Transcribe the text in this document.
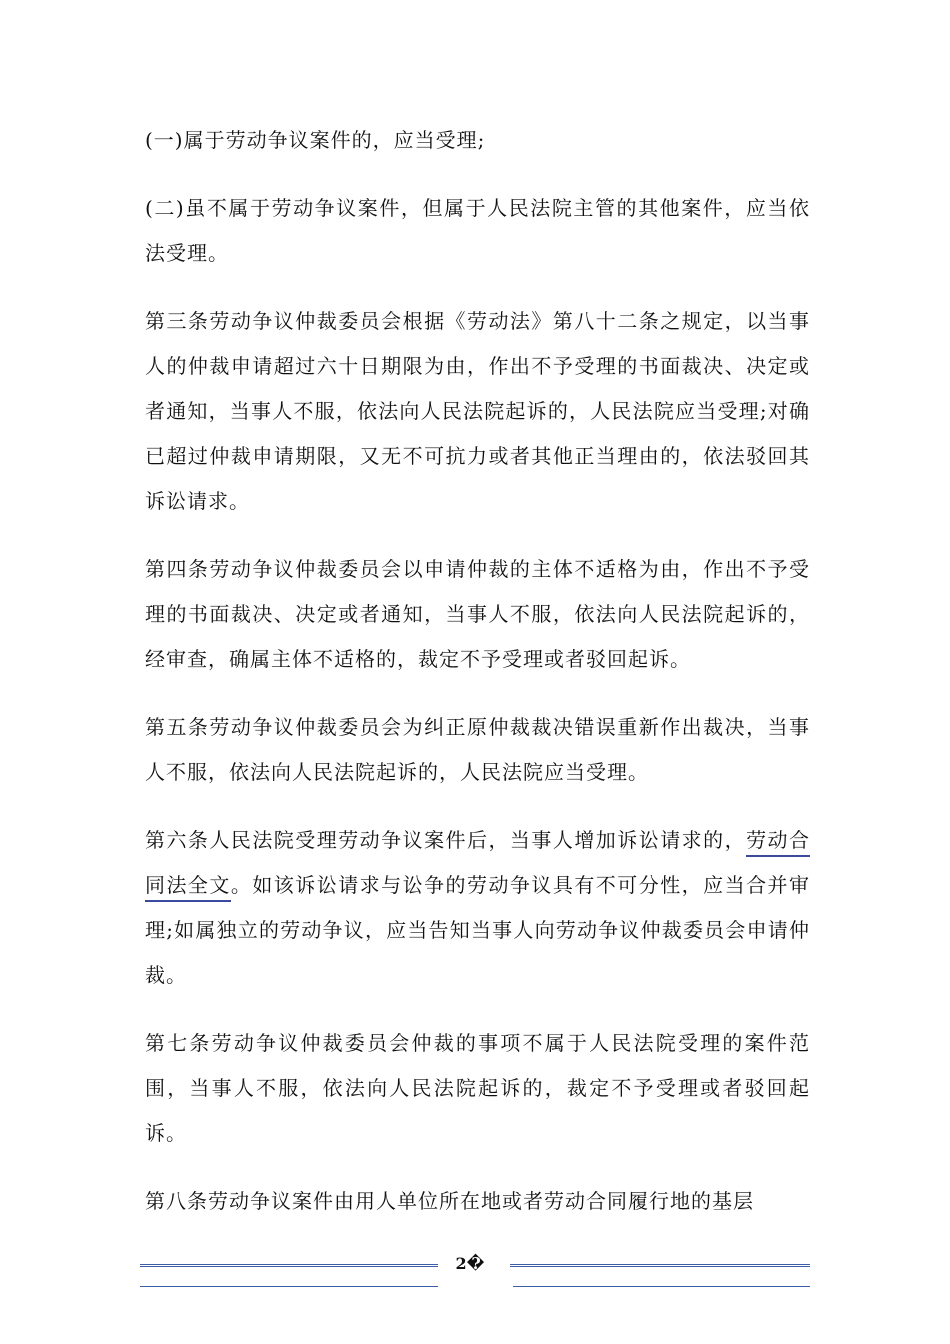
(一)属于劳动争议案件的，应当受理;

(二)虽不属于劳动争议案件，但属于人民法院主管的其他案件，应当依法受理。

第三条劳动争议仲裁委员会根据《劳动法》第八十二条之规定，以当事人的仲裁申请超过六十日期限为由，作出不予受理的书面裁决、决定或者通知，当事人不服，依法向人民法院起诉的，人民法院应当受理;对确已超过仲裁申请期限，又无不可抗力或者其他正当理由的，依法驳回其诉讼请求。

第四条劳动争议仲裁委员会以申请仲裁的主体不适格为由，作出不予受理的书面裁决、决定或者通知，当事人不服，依法向人民法院起诉的，经审查，确属主体不适格的，裁定不予受理或者驳回起诉。

第五条劳动争议仲裁委员会为纠正原仲裁裁决错误重新作出裁决，当事人不服，依法向人民法院起诉的，人民法院应当受理。

第六条人民法院受理劳动争议案件后，当事人增加诉讼请求的，劳动合同法全文。如该诉讼请求与讼争的劳动争议具有不可分性，应当合并审理;如属独立的劳动争议，应当告知当事人向劳动争议仲裁委员会申请仲裁。

第七条劳动争议仲裁委员会仲裁的事项不属于人民法院受理的案件范围，当事人不服，依法向人民法院起诉的，裁定不予受理或者驳回起诉。

第八条劳动争议案件由用人单位所在地或者劳动合同履行地的基层

2�
